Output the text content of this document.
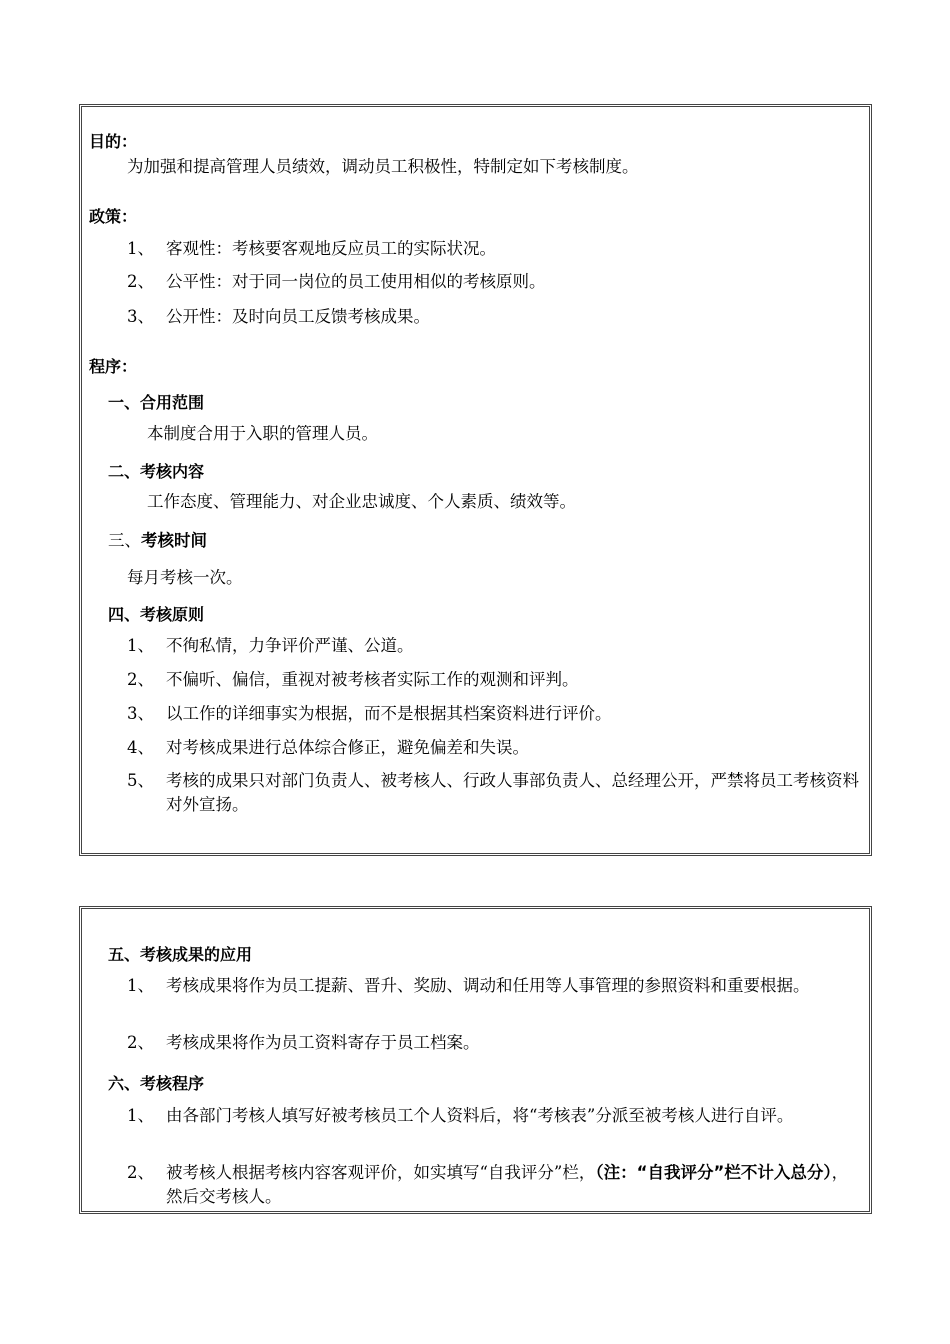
目的：
为加强和提高管理人员绩效，调动员工积极性，特制定如下考核制度。
政策：
1、 客观性：考核要客观地反应员工的实际状况。
2、 公平性：对于同一岗位的员工使用相似的考核原则。
3、 公开性：及时向员工反馈考核成果。
程序：
一、合用范围
本制度合用于入职的管理人员。
二、考核内容
工作态度、管理能力、对企业忠诚度、个人素质、绩效等。
三、考核时间
每月考核一次。
四、考核原则
1、 不徇私情，力争评价严谨、公道。
2、 不偏听、偏信，重视对被考核者实际工作的观测和评判。
3、 以工作的详细事实为根据，而不是根据其档案资料进行评价。
4、 对考核成果进行总体综合修正，避免偏差和失误。
5、 考核的成果只对部门负责人、被考核人、行政人事部负责人、总经理公开，严禁将员工考核资料对外宣扬。
五、考核成果的应用
1、 考核成果将作为员工提薪、晋升、奖励、调动和任用等人事管理的参照资料和重要根据。
2、 考核成果将作为员工资料寄存于员工档案。
六、考核程序
1、 由各部门考核人填写好被考核员工个人资料后，将“考核表”分派至被考核人进行自评。
2、 被考核人根据考核内容客观评价，如实填写“自我评分”栏，（注：“自我评分”栏不计入总分），然后交考核人。
